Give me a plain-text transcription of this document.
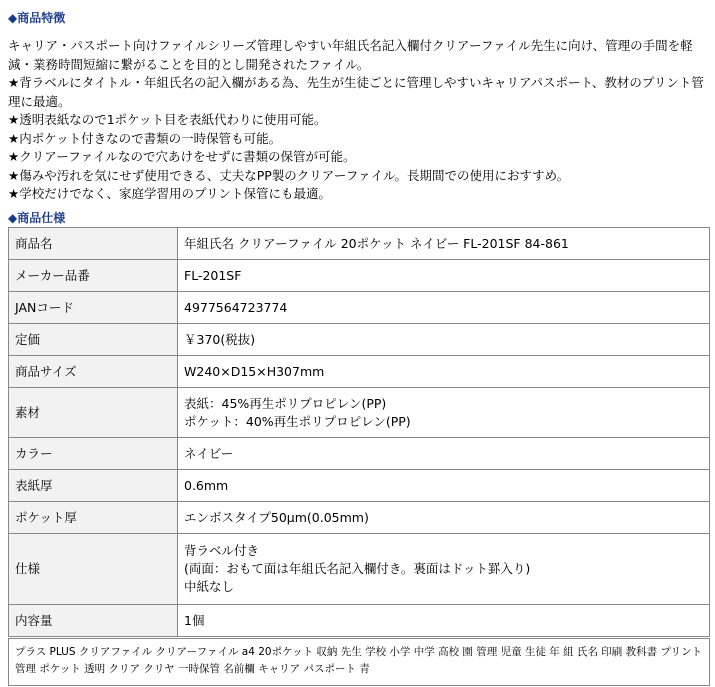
◆商品特徴

キャリア・パスポート向けファイルシリーズ管理しやすい年組氏名記入欄付クリアーファイル先生に向け、管理の手間を軽減・業務時間短縮に繋がることを目的とし開発されたファイル。

★背ラベルにタイトル・年組氏名の記入欄がある為、先生が生徒ごとに管理しやすいキャリアパスポート、教材のプリント管理に最適。

★透明表紙なので1ポケット目を表紙代わりに使用可能。

★内ポケット付きなので書類の一時保管も可能。

★クリアーファイルなので穴あけをせずに書類の保管が可能。

★傷みや汚れを気にせず使用できる、丈夫なPP製のクリアーファイル。長期間での使用におすすめ。

★学校だけでなく、家庭学習用のプリント保管にも最適。

◆商品仕様
商品名	年組氏名 クリアーファイル 20ポケット ネイビー FL-201SF 84-861

メーカー品番	FL-201SF

JANコード	4977564723774

定価	￥370(税抜)

商品サイズ	W240×D15×H307mm

素材	表紙：45%再生ポリプロピレン(PP)
ポケット：40%再生ポリプロピレン(PP)

カラー	ネイビー

表紙厚	0.6mm

ポケット厚	エンボスタイプ50μm(0.05mm)

仕様	背ラベル付き
(両面：おもて面は年組氏名記入欄付き。裏面はドット罫入り)
中紙なし

内容量	1個
プラス PLUS クリアファイル クリアーファイル a4 20ポケット 収納 先生 学校 小学 中学 高校 園 管理 児童 生徒 年 組 氏名 印刷 教科書 プリント 管理 ポケット 透明 クリア クリヤ 一時保管 名前欄 キャリア パスポート 青
